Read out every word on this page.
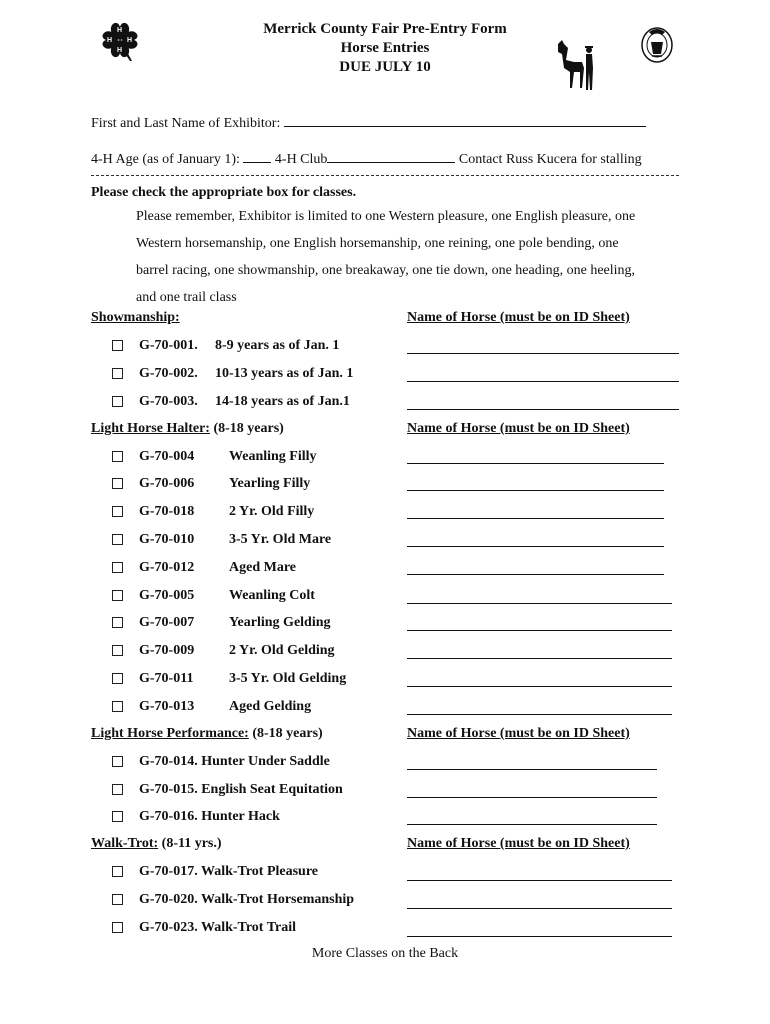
H
H
H H
Merrick County Fair Pre-Entry Form
Horse Entries
DUE JULY 10
First and Last Name of Exhibitor:
4-H Age (as of January 1):	4-H Club	Contact Russ Kucera for stalling
Please check the appropriate box for classes.
Please remember, Exhibitor is limited to one Western pleasure, one English pleasure, one
Western horsemanship, one English horsemanship, one reining, one pole bending, one
barrel racing, one showmanship, one breakaway, one tie down, one heading, one heeling,
and one trail class
Showmanship:	Name of Horse (must be on ID Sheet)
G-70-001. 8-9 years as of Jan. 1
G-70-002. 10-13 years as of Jan. 1
G-70-003. 14-18 years as of Jan.1
Light Horse Halter: (8-18 years)	Name of Horse (must be on ID Sheet)
G-70-004 Weanling Filly
G-70-006 Yearling Filly
G-70-018 2 Yr. Old Filly
G-70-010 3-5 Yr. Old Mare
G-70-012 Aged Mare
G-70-005 Weanling Colt
G-70-007 Yearling Gelding
G-70-009 2 Yr. Old Gelding
G-70-011	3-5 Yr. Old Gelding
G-70-013 Aged Gelding
Light Horse Performance: (8-18 years)	Name of Horse (must be on ID Sheet)
G-70-014. Hunter Under Saddle
G-70-015. English Seat Equitation
G-70-016. Hunter Hack
Walk-Trot: (8-11 yrs.)	Name of Horse (must be on ID Sheet)
G-70-017. Walk-Trot Pleasure
G-70-020. Walk-Trot Horsemanship
G-70-023. Walk-Trot Trail
More Classes on the Back
